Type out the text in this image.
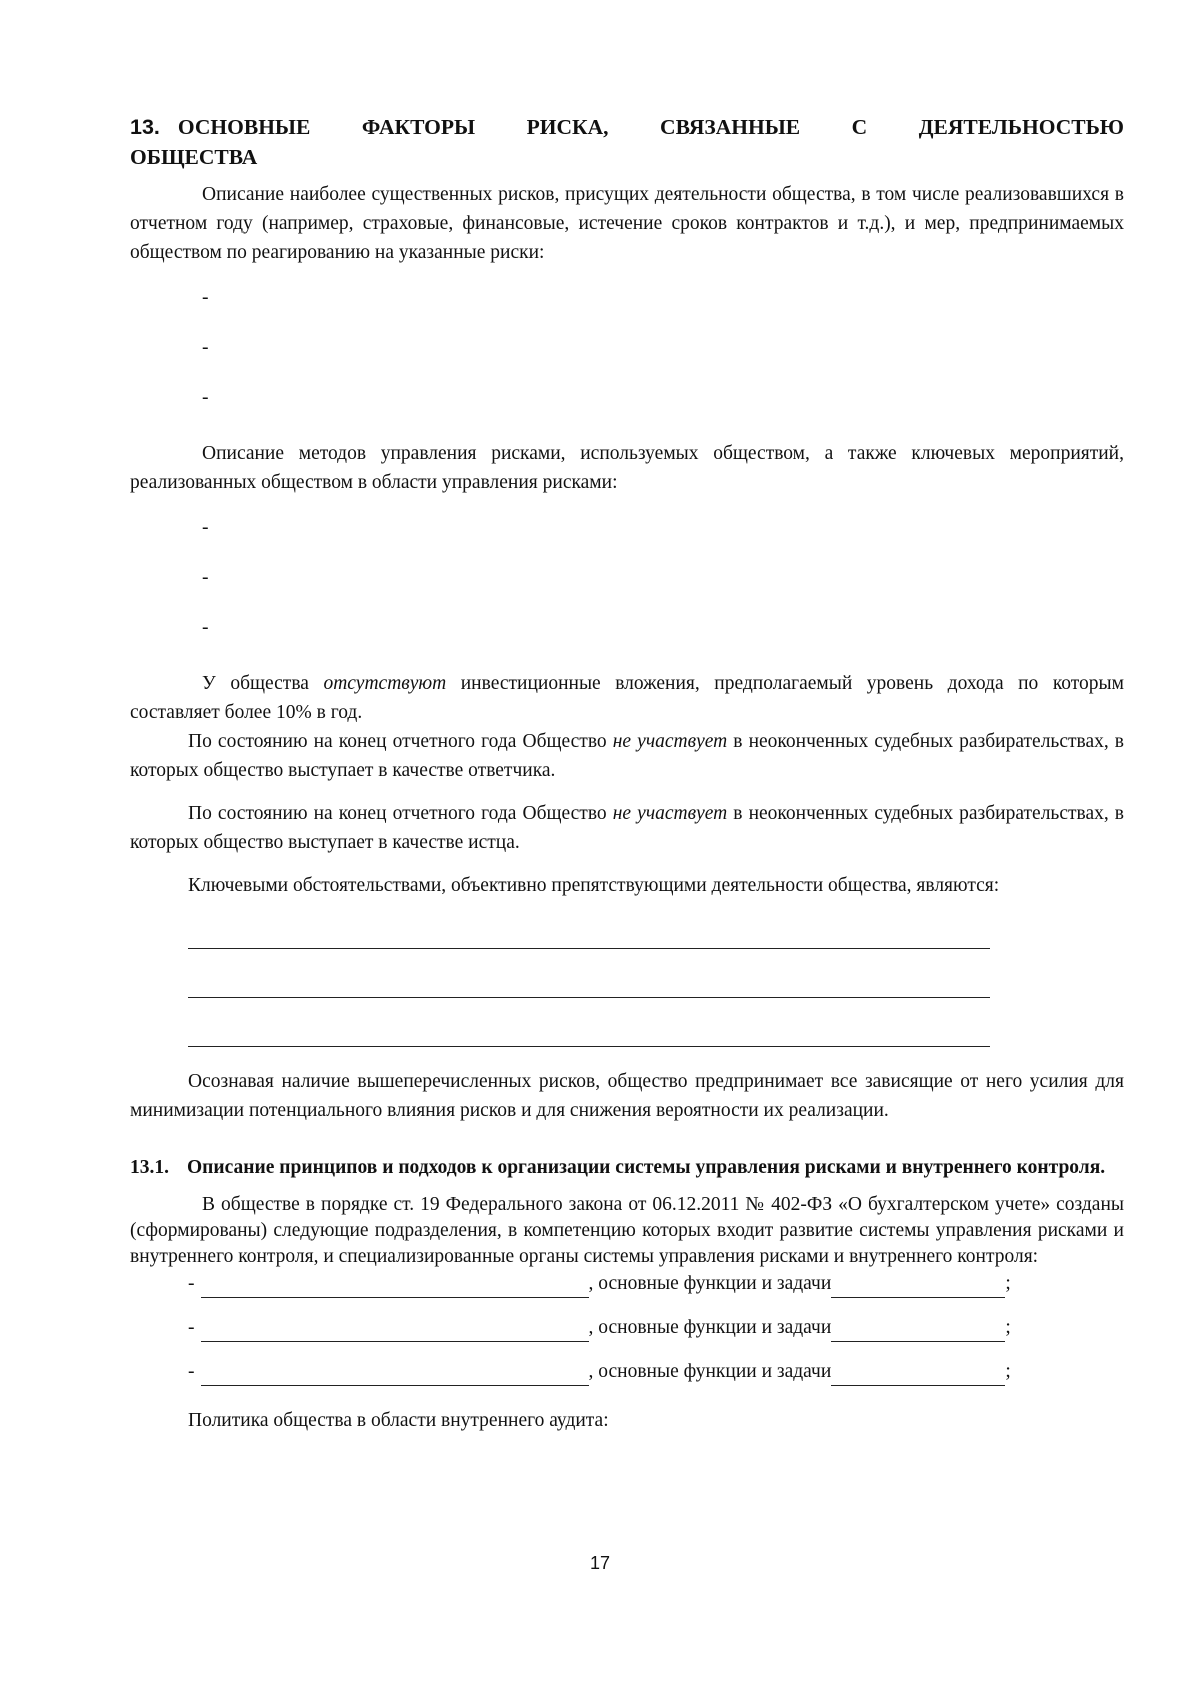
13. ОСНОВНЫЕ ФАКТОРЫ РИСКА, СВЯЗАННЫЕ С ДЕЯТЕЛЬНОСТЬЮ ОБЩЕСТВА

Описание наиболее существенных рисков, присущих деятельности общества, в том числе реализовавшихся в отчетном году (например, страховые, финансовые, истечение сроков контрактов и т.д.), и мер, предпринимаемых обществом по реагированию на указанные риски:

-
-
-

Описание методов управления рисками, используемых обществом, а также ключевых мероприятий, реализованных обществом в области управления рисками:

-
-
-

У общества отсутствуют инвестиционные вложения, предполагаемый уровень дохода по которым составляет более 10% в год.

По состоянию на конец отчетного года Общество не участвует в неоконченных судебных разбирательствах, в которых общество выступает в качестве ответчика.

По состоянию на конец отчетного года Общество не участвует в неоконченных судебных разбирательствах, в которых общество выступает в качестве истца.

Ключевыми обстоятельствами, объективно препятствующими деятельности общества, являются:

Осознавая наличие вышеперечисленных рисков, общество предпринимает все зависящие от него усилия для минимизации потенциального влияния рисков и для снижения вероятности их реализации.

13.1. Описание принципов и подходов к организации системы управления рисками и внутреннего контроля.

В обществе в порядке ст. 19 Федерального закона от 06.12.2011 № 402-ФЗ «О бухгалтерском учете» созданы (сформированы) следующие подразделения, в компетенцию которых входит развитие системы управления рисками и внутреннего контроля, и специализированные органы системы управления рисками и внутреннего контроля:

-	, основные функции и задачи	;
-	, основные функции и задачи	;
-	, основные функции и задачи	;

Политика общества в области внутреннего аудита:

17
